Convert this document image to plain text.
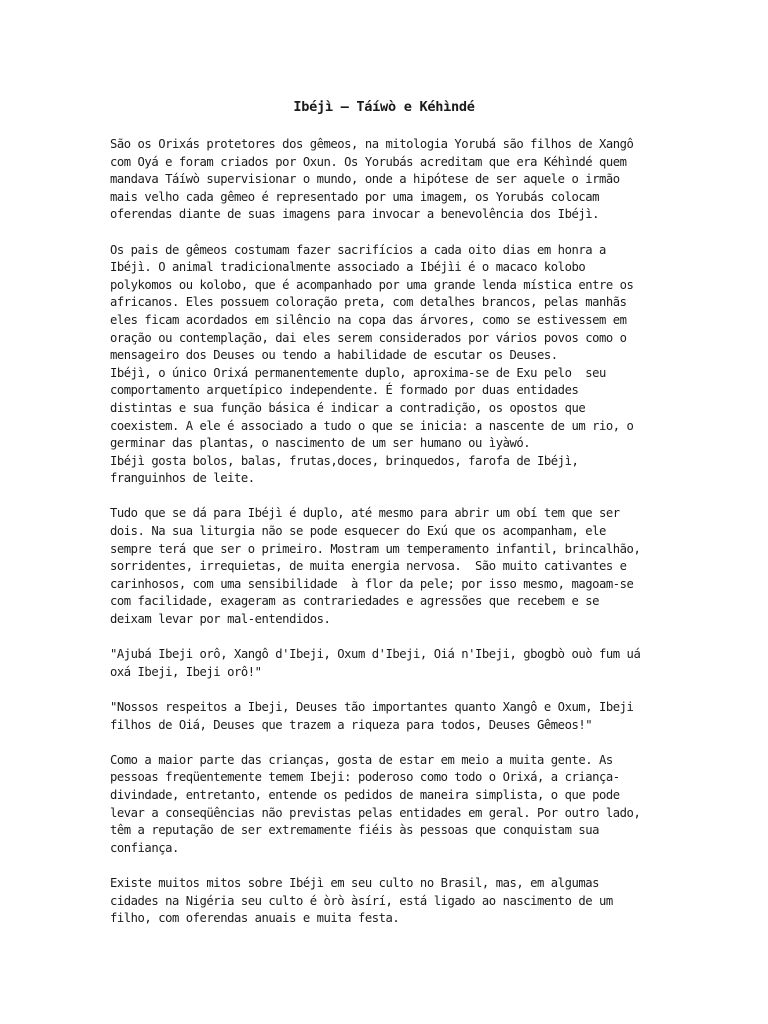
Ibéjì – Táíwò e Kéhìndé
São os Orixás protetores dos gêmeos, na mitologia Yorubá são filhos de Xangô
com Oyá e foram criados por Oxun. Os Yorubás acreditam que era Kéhìndé quem
mandava Táíwò supervisionar o mundo, onde a hipótese de ser aquele o irmão
mais velho cada gêmeo é representado por uma imagem, os Yorubás colocam
oferendas diante de suas imagens para invocar a benevolência dos Ibéjì.
Os pais de gêmeos costumam fazer sacrifícios a cada oito dias em honra a
Ibéjì. O animal tradicionalmente associado a Ibéjìi é o macaco kolobo
polykomos ou kolobo, que é acompanhado por uma grande lenda mística entre os
africanos. Eles possuem coloração preta, com detalhes brancos, pelas manhãs
eles ficam acordados em silêncio na copa das árvores, como se estivessem em
oração ou contemplação, dai eles serem considerados por vários povos como o
mensageiro dos Deuses ou tendo a habilidade de escutar os Deuses.
Ibéjì, o único Orixá permanentemente duplo, aproxima-se de Exu pelo  seu
comportamento arquetípico independente. É formado por duas entidades
distintas e sua função básica é indicar a contradição, os opostos que
coexistem. A ele é associado a tudo o que se inicia: a nascente de um rio, o
germinar das plantas, o nascimento de um ser humano ou ìyàwó.
Ibéjì gosta bolos, balas, frutas,doces, brinquedos, farofa de Ibéjì,
franguinhos de leite.
Tudo que se dá para Ibéjì é duplo, até mesmo para abrir um obí tem que ser
dois. Na sua liturgia não se pode esquecer do Exú que os acompanham, ele
sempre terá que ser o primeiro. Mostram um temperamento infantil, brincalhão,
sorridentes, irrequietas, de muita energia nervosa.  São muito cativantes e
carinhosos, com uma sensibilidade  à flor da pele; por isso mesmo, magoam-se
com facilidade, exageram as contrariedades e agressões que recebem e se
deixam levar por mal-entendidos.
"Ajubá Ibeji orô, Xangô d'Ibeji, Oxum d'Ibeji, Oiá n'Ibeji, gbogbò ouò fum uá
oxá Ibeji, Ibeji orô!"
"Nossos respeitos a Ibeji, Deuses tão importantes quanto Xangô e Oxum, Ibeji
filhos de Oiá, Deuses que trazem a riqueza para todos, Deuses Gêmeos!"
Como a maior parte das crianças, gosta de estar em meio a muita gente. As
pessoas freqüentemente temem Ibeji: poderoso como todo o Orixá, a criança-
divindade, entretanto, entende os pedidos de maneira simplista, o que pode
levar a conseqüências não previstas pelas entidades em geral. Por outro lado,
têm a reputação de ser extremamente fiéis às pessoas que conquistam sua
confiança.
Existe muitos mitos sobre Ibéjì em seu culto no Brasil, mas, em algumas
cidades na Nigéria seu culto é òrò àsírí, está ligado ao nascimento de um
filho, com oferendas anuais e muita festa.
